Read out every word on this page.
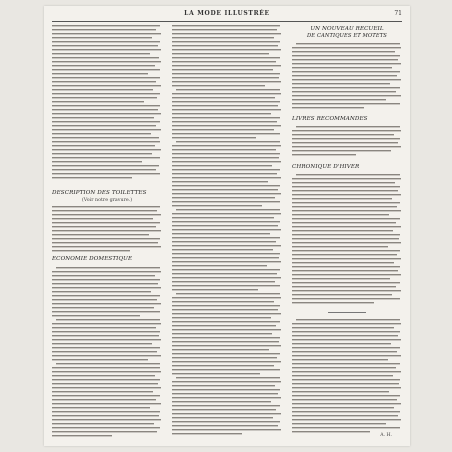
LA MODE ILLUSTRÉE	71
DESCRIPTION DES TOILETTES
(Voir notre gravure.)
ÉCONOMIE DOMESTIQUE
UN NOUVEAU RECUEIL
DE CANTIQUES ET MOTETS
LIVRES RECOMMANDÉS
CHRONIQUE D'HIVER
A. H.
